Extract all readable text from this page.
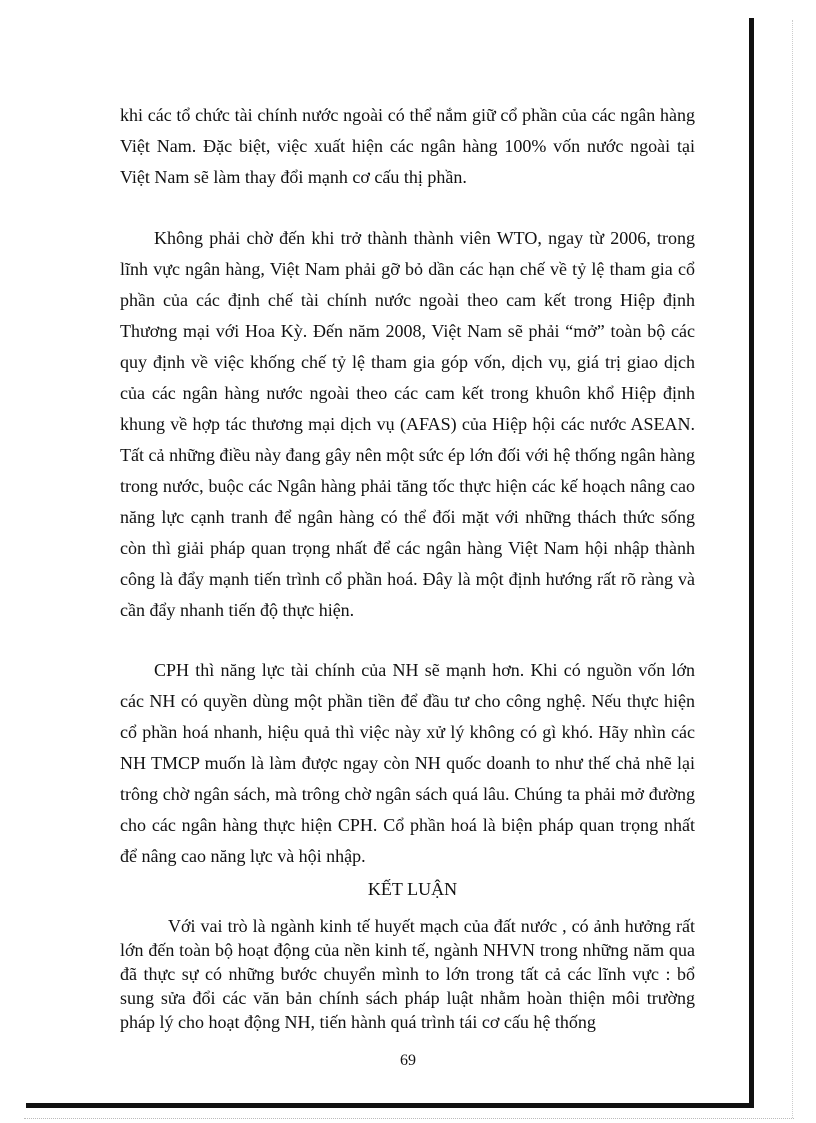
khi các tổ chức tài chính nước ngoài có thể nắm giữ cổ phần của các ngân hàng Việt Nam. Đặc biệt, việc xuất hiện các ngân hàng 100% vốn nước ngoài tại Việt Nam sẽ làm thay đổi mạnh cơ cấu thị phần.

Không phải chờ đến khi trở thành thành viên WTO, ngay từ 2006, trong lĩnh vực ngân hàng, Việt Nam phải gỡ bỏ dần các hạn chế về tỷ lệ tham gia cổ phần của các định chế tài chính nước ngoài theo cam kết trong Hiệp định Thương mại với Hoa Kỳ. Đến năm 2008, Việt Nam sẽ phải “mở” toàn bộ các quy định về việc khống chế tỷ lệ tham gia góp vốn, dịch vụ, giá trị giao dịch của các ngân hàng nước ngoài theo các cam kết trong khuôn khổ Hiệp định khung về hợp tác thương mại dịch vụ (AFAS) của Hiệp hội các nước ASEAN. Tất cả những điều này đang gây nên một sức ép lớn đối với hệ thống ngân hàng trong nước, buộc các Ngân hàng phải tăng tốc thực hiện các kế hoạch nâng cao năng lực cạnh tranh để ngân hàng có thể đối mặt với những thách thức sống còn thì giải pháp quan trọng nhất để các ngân hàng Việt Nam hội nhập thành công là đẩy mạnh tiến trình cổ phần hoá. Đây là một định hướng rất rõ ràng và cần đẩy nhanh tiến độ thực hiện.

CPH thì năng lực tài chính của NH sẽ mạnh hơn. Khi có nguồn vốn lớn các NH có quyền dùng một phần tiền để đầu tư cho công nghệ. Nếu thực hiện cổ phần hoá nhanh, hiệu quả thì việc này xử lý không có gì khó. Hãy nhìn các NH TMCP muốn là làm được ngay còn NH quốc doanh to như thế chả nhẽ lại trông chờ ngân sách, mà trông chờ ngân sách quá lâu. Chúng ta phải mở đường cho các ngân hàng thực hiện CPH. Cổ phần hoá là biện pháp quan trọng nhất để nâng cao năng lực và hội nhập.

KẾT LUẬN

Với vai trò là ngành kinh tế huyết mạch của đất nước , có ảnh hưởng rất lớn đến toàn bộ hoạt động của nền kinh tế, ngành NHVN trong những năm qua đã thực sự có những bước chuyển mình to lớn trong tất cả các lĩnh vực : bổ sung sửa đổi các văn bản chính sách pháp luật nhằm hoàn thiện môi trường pháp lý cho hoạt động NH, tiến hành quá trình tái cơ cấu hệ thống

69
